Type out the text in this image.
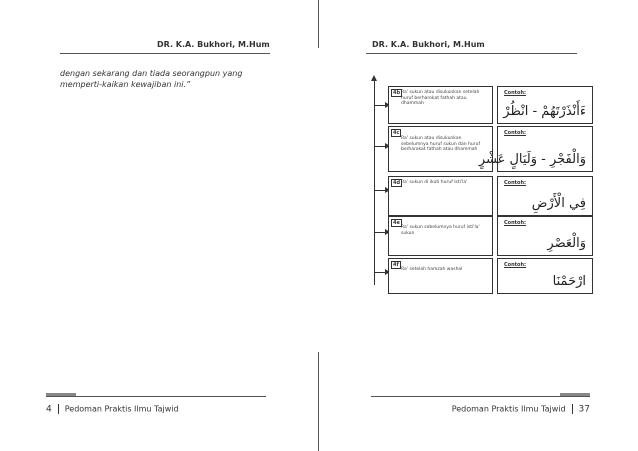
DR. K.A. Bukhori, M.Hum
dengan sekarang dan tiada seorangpun yang memperti-kaikan kewajiban ini.”
4 Pedoman Praktis Ilmu Tajwid
DR. K.A. Bukhori, M.Hum
4b Ra' sukun atau disukunkan setelah huruf berharokat fathah atau dhammah
Contoh:
ءَأَنْذَرْتَهُمْ - انْظُرْ
4c
Ra' sukun atau disukunkan sebelumnya huruf sukun dan huruf berharokat fathah atau dhammah
Contoh:
وَالْفَجْرِ - وَلَيَالٍ عَشْرٍ
4d Ra' sukun di ikuti huruf Isti'la'	Contoh:
فِي الْأَرْضِ
4e
Ra' sukun sebelumnya huruf isti'la' sukun
Contoh:
وَالْعَصْرِ
4f
Ra' setelah hamzah washal
Contoh:
ارْحَمْنَا
Pedoman Praktis Ilmu Tajwid 37
